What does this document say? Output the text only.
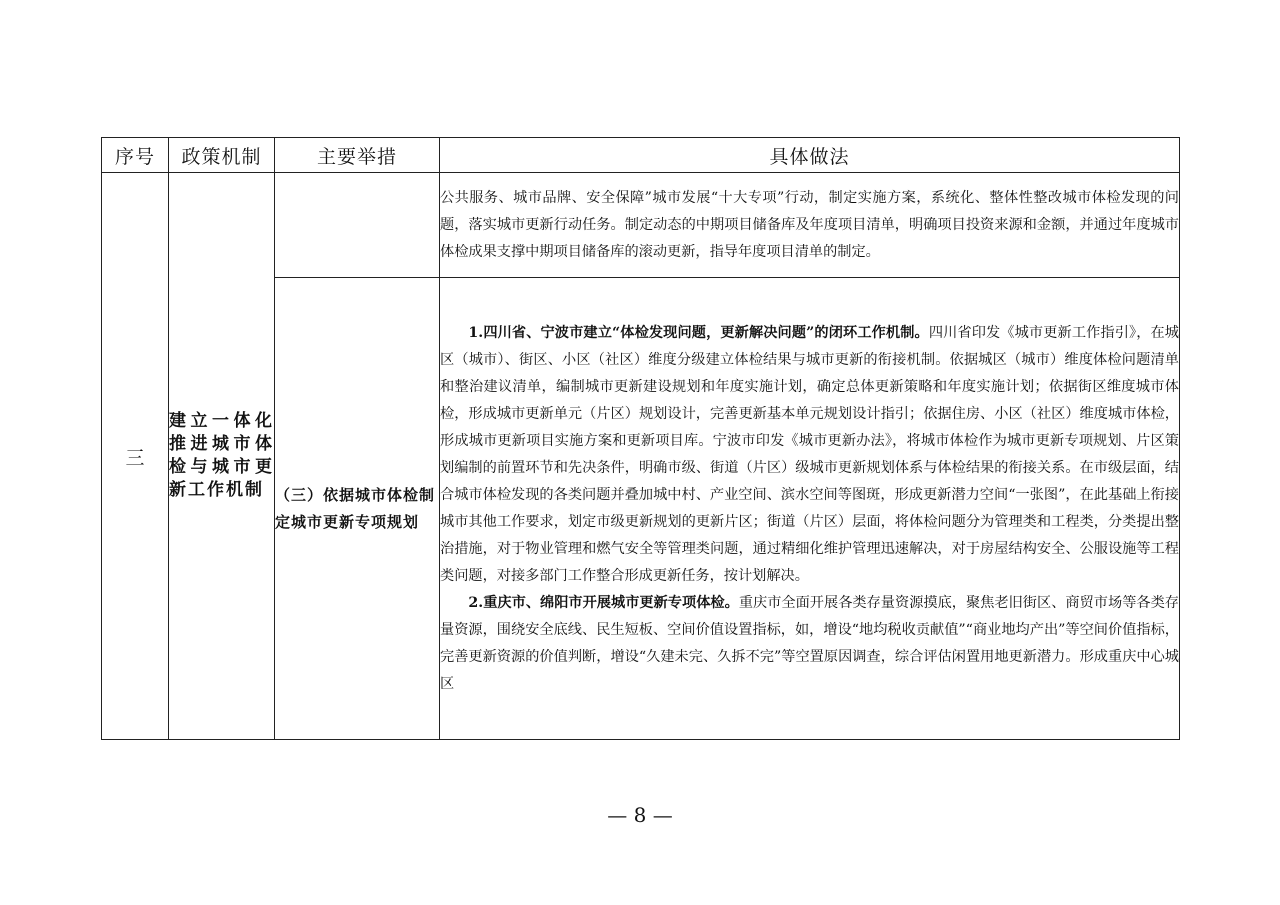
序号	政策机制	主要举措	具体做法
三	建立一体化推进城市体检与城市更新工作机制		公共服务、城市品牌、安全保障”城市发展“十大专项”行动，制定实施方案，系统化、整体性整改城市体检发现的问题，落实城市更新行动任务。制定动态的中期项目储备库及年度项目清单，明确项目投资来源和金额，并通过年度城市体检成果支撑中期项目储备库的滚动更新，指导年度项目清单的制定。

		（三）依据城市体检制定城市更新专项规划	1.四川省、宁波市建立“体检发现问题，更新解决问题”的闭环工作机制。四川省印发《城市更新工作指引》，在城区（城市）、街区、小区（社区）维度分级建立体检结果与城市更新的衔接机制。依据城区（城市）维度体检问题清单和整治建议清单，编制城市更新建设规划和年度实施计划，确定总体更新策略和年度实施计划；依据街区维度城市体检，形成城市更新单元（片区）规划设计，完善更新基本单元规划设计指引；依据住房、小区（社区）维度城市体检，形成城市更新项目实施方案和更新项目库。宁波市印发《城市更新办法》，将城市体检作为城市更新专项规划、片区策划编制的前置环节和先决条件，明确市级、街道（片区）级城市更新规划体系与体检结果的衔接关系。在市级层面，结合城市体检发现的各类问题并叠加城中村、产业空间、滨水空间等图斑，形成更新潜力空间“一张图”，在此基础上衔接城市其他工作要求，划定市级更新规划的更新片区；街道（片区）层面，将体检问题分为管理类和工程类，分类提出整治措施，对于物业管理和燃气安全等管理类问题，通过精细化维护管理迅速解决，对于房屋结构安全、公服设施等工程类问题，对接多部门工作整合形成更新任务，按计划解决。

2.重庆市、绵阳市开展城市更新专项体检。重庆市全面开展各类存量资源摸底，聚焦老旧街区、商贸市场等各类存量资源，围绕安全底线、民生短板、空间价值设置指标，如，增设“地均税收贡献值”“商业地均产出”等空间价值指标，完善更新资源的价值判断，增设“久建未完、久拆不完”等空置原因调查，综合评估闲置用地更新潜力。形成重庆中心城区

— 8 —
